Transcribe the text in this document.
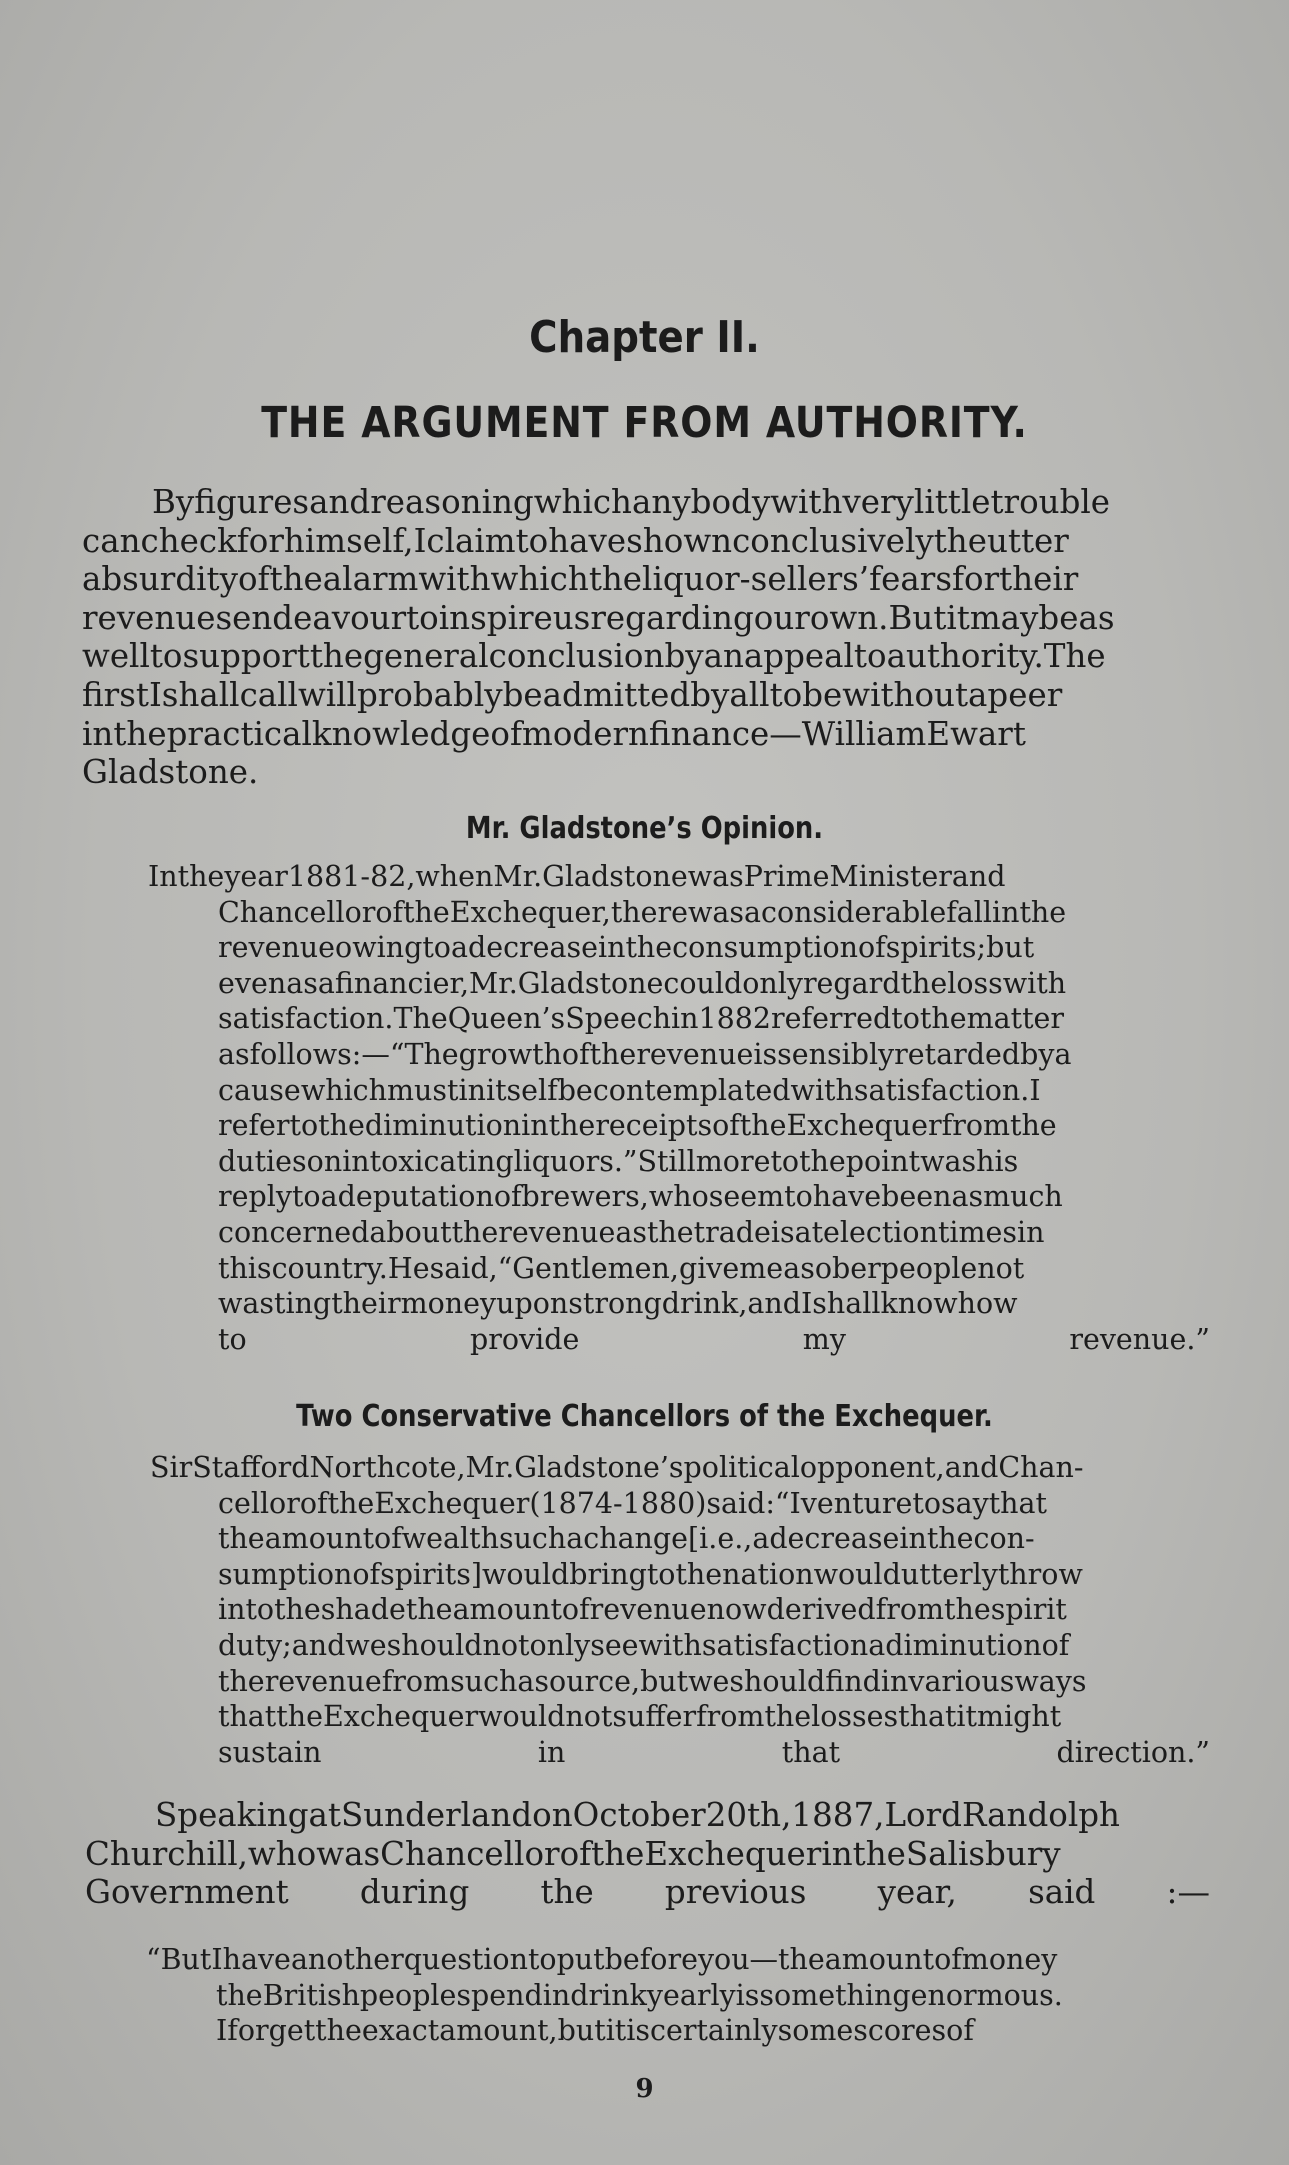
Chapter II.
THE ARGUMENT FROM AUTHORITY.
Byfiguresandreasoningwhichanybodywithverylittletrouble
cancheckforhimself,Iclaimtohaveshownconclusivelytheutter
absurdityofthealarmwithwhichtheliquor-sellers’fearsfortheir
revenuesendeavourtoinspireusregardingourown.Butitmaybeas
welltosupportthegeneralconclusionbyanappealtoauthority.The
firstIshallcallwillprobablybeadmittedbyalltobewithoutapeer
inthepracticalknowledgeofmodernfinance—WilliamEwart
Gladstone.
Mr. Gladstone’s Opinion.
Intheyear1881-82,whenMr.GladstonewasPrimeMinisterand
ChancelloroftheExchequer,therewasaconsiderablefallinthe
revenueowingtoadecreaseintheconsumptionofspirits;but
evenasafinancier,Mr.Gladstonecouldonlyregardthelosswith
satisfaction.TheQueen’sSpeechin1882referredtothematter
asfollows:—“Thegrowthoftherevenueissensiblyretardedbya
causewhichmustinitselfbecontemplatedwithsatisfaction.I
refertothediminutioninthereceiptsoftheExchequerfromthe
dutiesonintoxicatingliquors.”Stillmoretothepointwashis
replytoadeputationofbrewers,whoseemtohavebeenasmuch
concernedabouttherevenueasthetradeisatelectiontimesin
thiscountry.Hesaid,“Gentlemen,givemeasoberpeoplenot
wastingtheirmoneyuponstrongdrink,andIshallknowhow
to provide my revenue.”
Two Conservative Chancellors of the Exchequer.
SirStaffordNorthcote,Mr.Gladstone’spoliticalopponent,andChan-
celloroftheExchequer(1874-1880)said:“Iventuretosaythat
theamountofwealthsuchachange[i.e.,adecreaseinthecon-
sumptionofspirits]wouldbringtothenationwouldutterlythrow
intotheshadetheamountofrevenuenowderivedfromthespirit
duty;andweshouldnotonlyseewithsatisfactionadiminutionof
therevenuefromsuchasource,butweshouldfindinvariousways
thattheExchequerwouldnotsufferfromthelossesthatitmight
sustain in that direction.”
SpeakingatSunderlandonOctober20th,1887,LordRandolph
Churchill,whowasChancelloroftheExchequerintheSalisbury
Government during the previous year, said :—
“ButIhaveanotherquestiontoputbeforeyou—theamountofmoney
theBritishpeoplespendindrinkyearlyissomethingenormous.
Iforgettheexactamount,butitiscertainlysomescoresof
9
